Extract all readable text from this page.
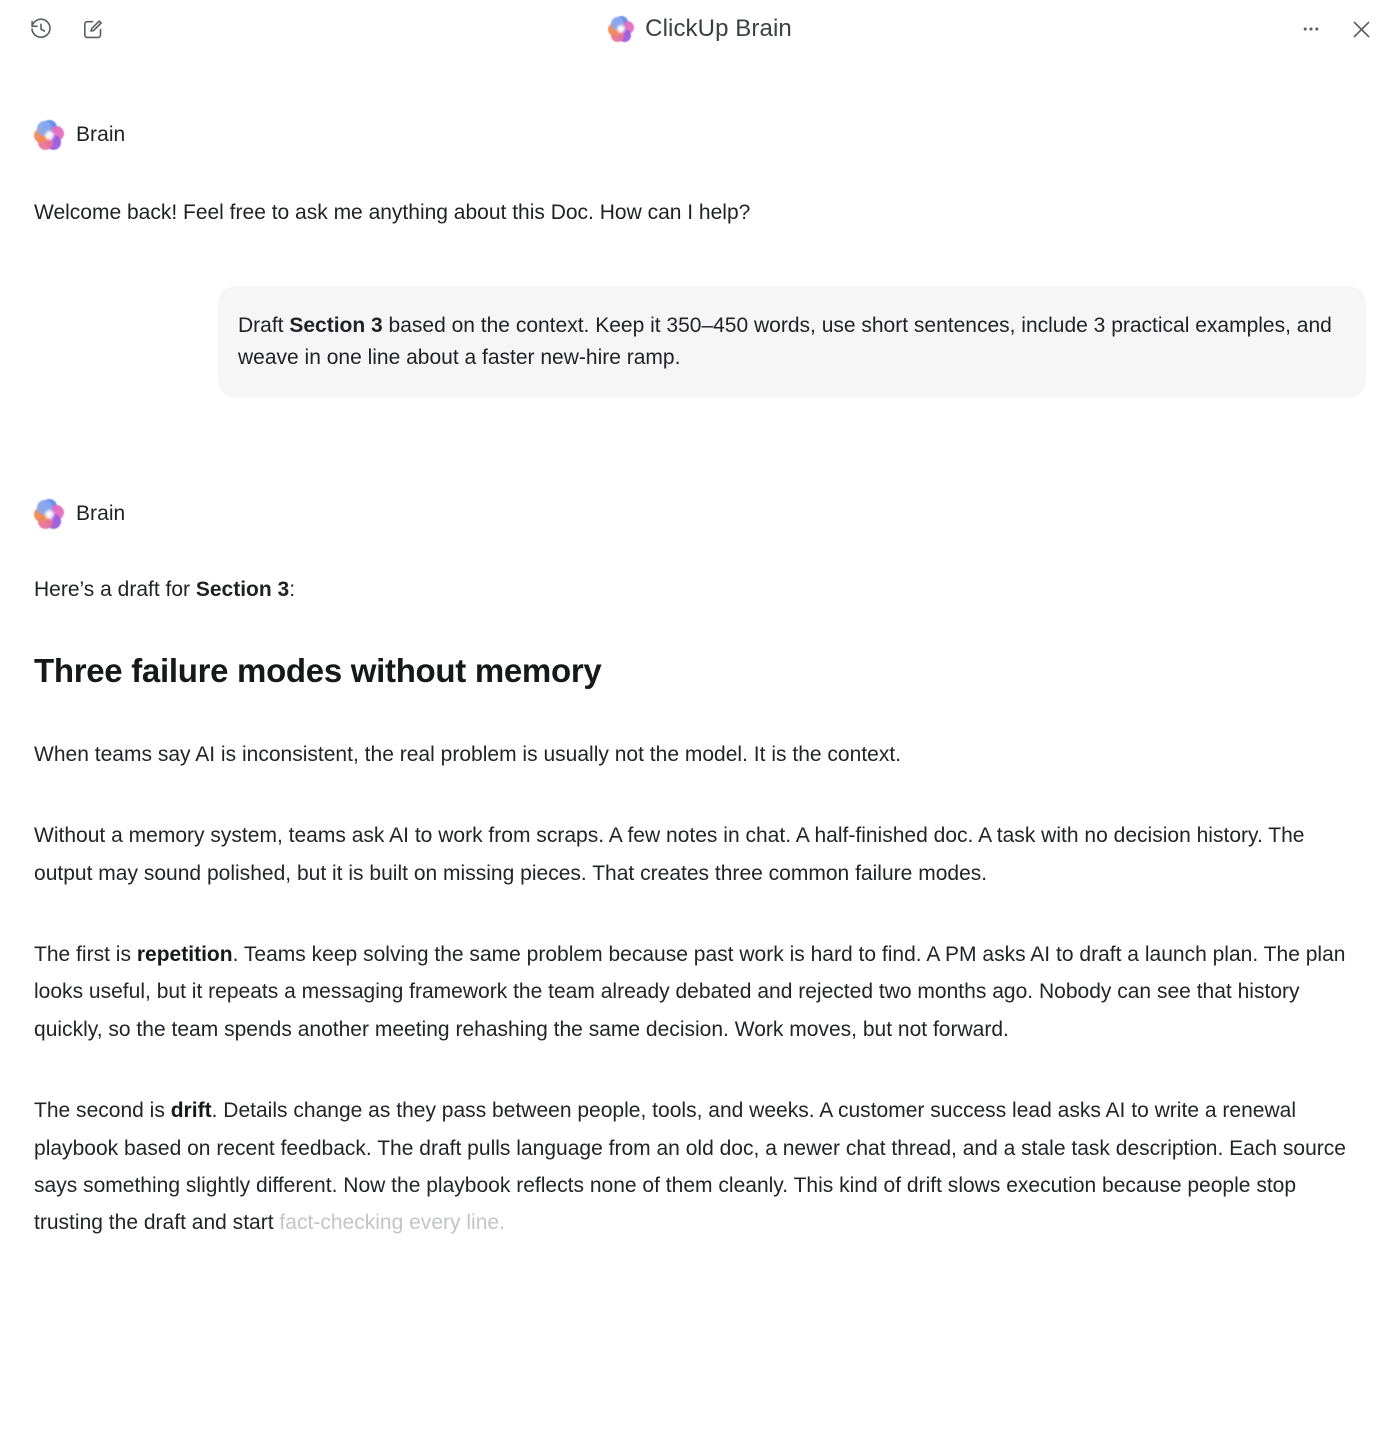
ClickUp Brain
Brain

Welcome back! Feel free to ask me anything about this Doc. How can I help?

Draft Section 3 based on the context. Keep it 350–450 words, use short sentences, include 3 practical examples, and weave in one line about a faster new-hire ramp.
Brain

Here’s a draft for Section 3:

Three failure modes without memory

When teams say AI is inconsistent, the real problem is usually not the model. It is the context.

Without a memory system, teams ask AI to work from scraps. A few notes in chat. A half-finished doc. A task with no decision history. The output may sound polished, but it is built on missing pieces. That creates three common failure modes.

The first is repetition. Teams keep solving the same problem because past work is hard to find. A PM asks AI to draft a launch plan. The plan looks useful, but it repeats a messaging framework the team already debated and rejected two months ago. Nobody can see that history quickly, so the team spends another meeting rehashing the same decision. Work moves, but not forward.

The second is drift. Details change as they pass between people, tools, and weeks. A customer success lead asks AI to write a renewal playbook based on recent feedback. The draft pulls language from an old doc, a newer chat thread, and a stale task description. Each source says something slightly different. Now the playbook reflects none of them cleanly. This kind of drift slows execution because people stop trusting the draft and start fact-checking every line.
